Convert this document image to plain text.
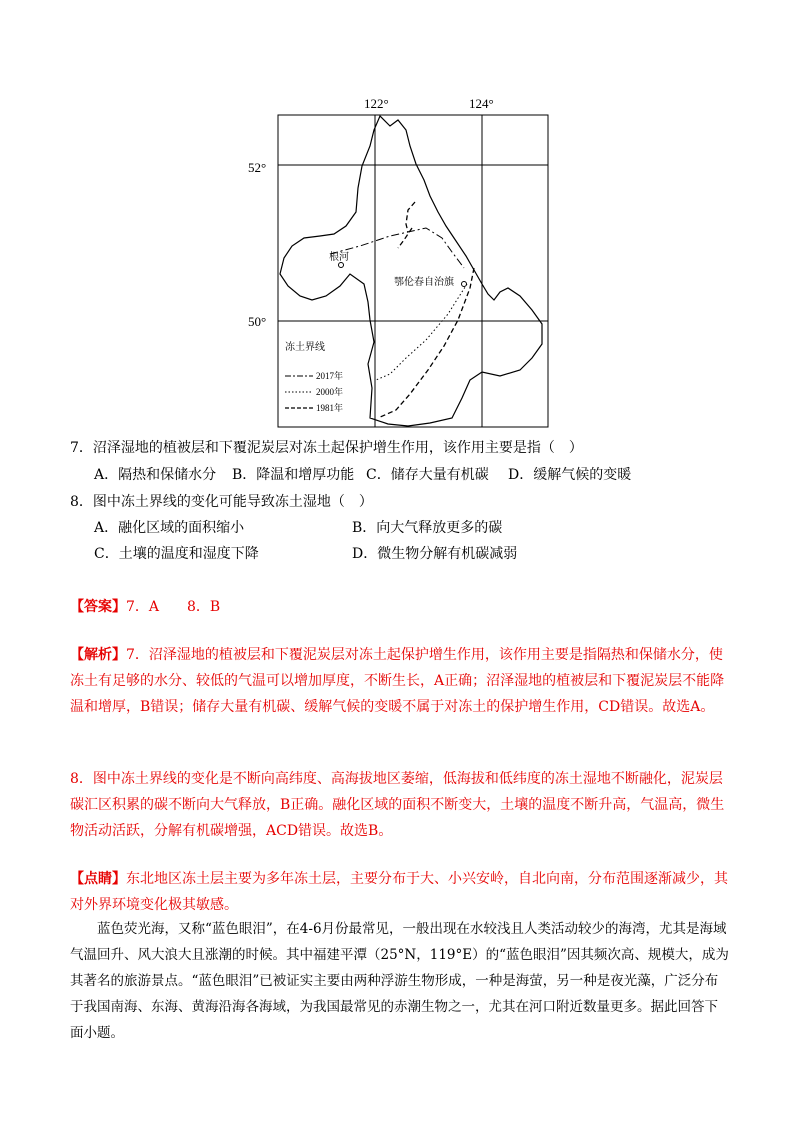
122°	124°
52°
50°
根河
鄂伦春自治旗
冻土界线
2017年
2000年
1981年
7．沼泽湿地的植被层和下覆泥炭层对冻土起保护增生作用，该作用主要是指（　）
A．隔热和保储水分 B．降温和增厚功能 C．储存大量有机碳 D．缓解气候的变暖
8．图中冻土界线的变化可能导致冻土湿地（　）
A．融化区域的面积缩小	B．向大气释放更多的碳
C．土壤的温度和湿度下降	D．微生物分解有机碳减弱
【答案】7．A　　8．B

【解析】7．沼泽湿地的植被层和下覆泥炭层对冻土起保护增生作用，该作用主要是指隔热和保储水分，使冻土有足够的水分、较低的气温可以增加厚度，不断生长，A正确；沼泽湿地的植被层和下覆泥炭层不能降温和增厚，B错误；储存大量有机碳、缓解气候的变暖不属于对冻土的保护增生作用，CD错误。故选A。

8．图中冻土界线的变化是不断向高纬度、高海拔地区萎缩，低海拔和低纬度的冻土湿地不断融化，泥炭层碳汇区积累的碳不断向大气释放，B正确。融化区域的面积不断变大，土壤的温度不断升高，气温高，微生物活动活跃，分解有机碳增强，ACD错误。故选B。

【点睛】东北地区冻土层主要为多年冻土层，主要分布于大、小兴安岭，自北向南，分布范围逐渐减少，其对外界环境变化极其敏感。

蓝色荧光海，又称“蓝色眼泪”，在4-6月份最常见，一般出现在水较浅且人类活动较少的海湾，尤其是海域气温回升、风大浪大且涨潮的时候。其中福建平潭（25°N，119°E）的“蓝色眼泪”因其频次高、规模大，成为其著名的旅游景点。“蓝色眼泪”已被证实主要由两种浮游生物形成，一种是海萤，另一种是夜光藻，广泛分布于我国南海、东海、黄海沿海各海域，为我国最常见的赤潮生物之一，尤其在河口附近数量更多。据此回答下面小题。
